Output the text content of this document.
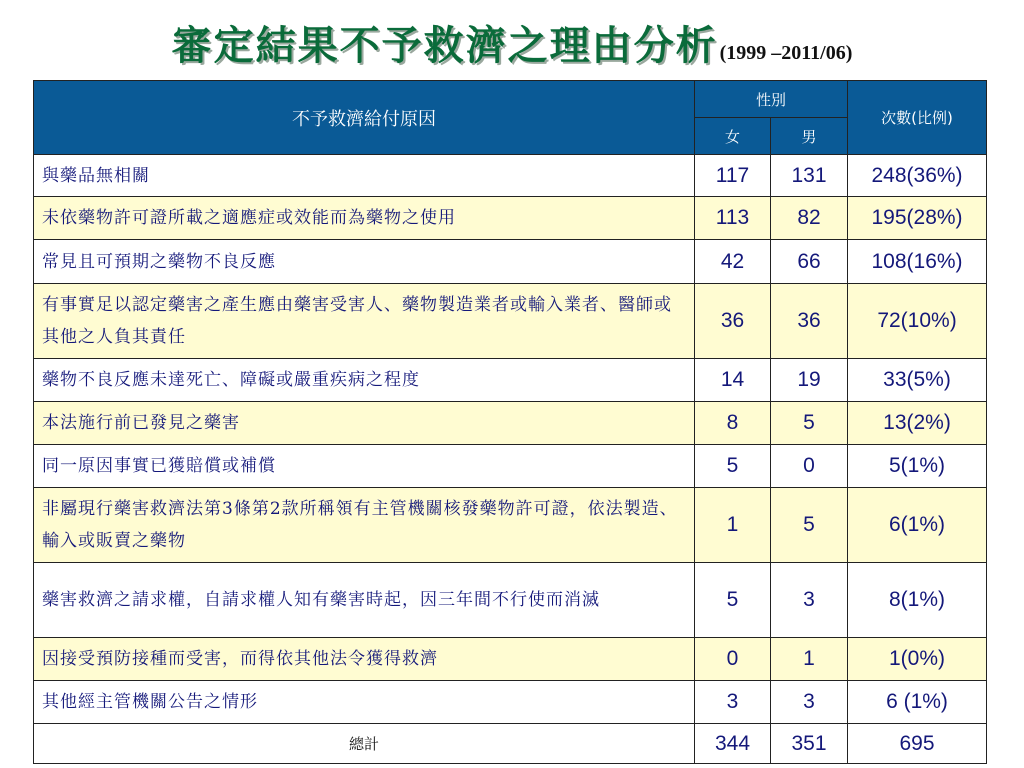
審定結果不予救濟之理由分析 (1999 –2011/06)
不予救濟給付原因	性別		次數(比例)
	女	男	
與藥品無相關	117	131	248(36%)
未依藥物許可證所載之適應症或效能而為藥物之使用	113	82	195(28%)
常見且可預期之藥物不良反應	42	66	108(16%)
有事實足以認定藥害之產生應由藥害受害人、藥物製造業者或輸入業者、醫師或其他之人負其責任	36	36	72(10%)
藥物不良反應未達死亡、障礙或嚴重疾病之程度	14	19	33(5%)
本法施行前已發見之藥害	8	5	13(2%)
同一原因事實已獲賠償或補償	5	0	5(1%)
非屬現行藥害救濟法第3條第2款所稱領有主管機關核發藥物許可證，依法製造、輸入或販賣之藥物	1	5	6(1%)
藥害救濟之請求權，自請求權人知有藥害時起，因三年間不行使而消滅	5	3	8(1%)
因接受預防接種而受害，而得依其他法令獲得救濟	0	1	1(0%)
其他經主管機關公告之情形	3	3	6 (1%)
總計	344	351	695
